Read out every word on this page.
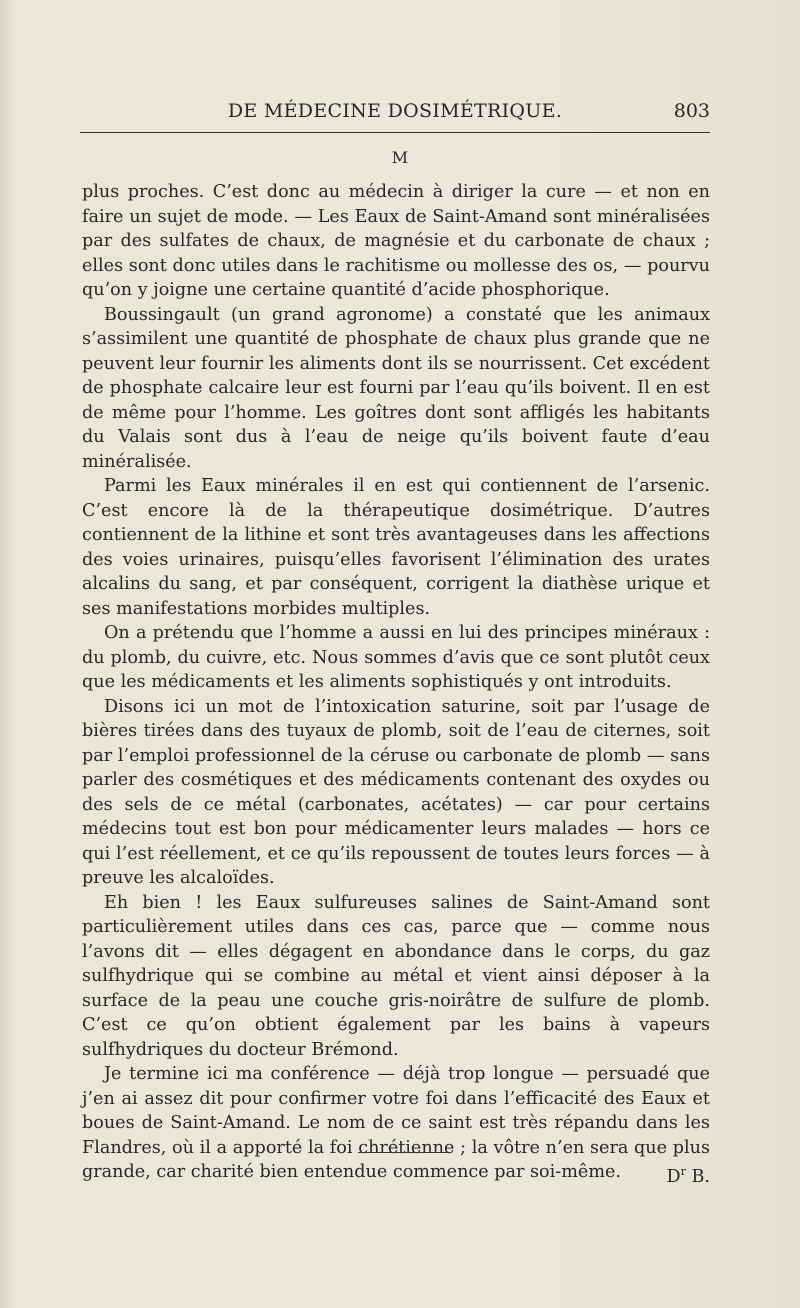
DE MÉDECINE DOSIMÉTRIQUE.	803
M

plus proches. C’est donc au médecin à diriger la cure — et non en faire un sujet de mode. — Les Eaux de Saint-Amand sont minéralisées par des sulfates de chaux, de magnésie et du carbonate de chaux ; elles sont donc utiles dans le rachitisme ou mollesse des os, — pourvu qu’on y joigne une certaine quantité d’acide phosphorique.

Boussingault (un grand agronome) a constaté que les animaux s’assimilent une quantité de phosphate de chaux plus grande que ne peuvent leur fournir les aliments dont ils se nourrissent. Cet excédent de phosphate calcaire leur est fourni par l’eau qu’ils boivent. Il en est de même pour l’homme. Les goîtres dont sont affligés les habitants du Valais sont dus à l’eau de neige qu’ils boivent faute d’eau minéralisée.

Parmi les Eaux minérales il en est qui contiennent de l’arsenic. C’est encore là de la thérapeutique dosimétrique. D’autres contiennent de la lithine et sont très avantageuses dans les affections des voies urinaires, puisqu’elles favorisent l’élimination des urates alcalins du sang, et par conséquent, corrigent la diathèse urique et ses manifestations morbides multiples.

On a prétendu que l’homme a aussi en lui des principes minéraux : du plomb, du cuivre, etc. Nous sommes d’avis que ce sont plutôt ceux que les médicaments et les aliments sophistiqués y ont introduits.

Disons ici un mot de l’intoxication saturine, soit par l’usage de bières tirées dans des tuyaux de plomb, soit de l’eau de citernes, soit par l’emploi professionnel de la céruse ou carbonate de plomb — sans parler des cosmétiques et des médicaments contenant des oxydes ou des sels de ce métal (carbonates, acétates) — car pour certains médecins tout est bon pour médicamenter leurs malades — hors ce qui l’est réellement, et ce qu’ils repoussent de toutes leurs forces — à preuve les alcaloïdes.

Eh bien ! les Eaux sulfureuses salines de Saint-Amand sont particulièrement utiles dans ces cas, parce que — comme nous l’avons dit — elles dégagent en abondance dans le corps, du gaz sulfhydrique qui se combine au métal et vient ainsi déposer à la surface de la peau une couche gris-noirâtre de sulfure de plomb. C’est ce qu’on obtient également par les bains à vapeurs sulfhydriques du docteur Brémond.

Je termine ici ma conférence — déjà trop longue — persuadé que j’en ai assez dit pour confirmer votre foi dans l’efficacité des Eaux et boues de Saint-Amand. Le nom de ce saint est très répandu dans les Flandres, où il a apporté la foi chrétienne ; la vôtre n’en sera que plus grande, car charité bien entendue commence par soi-même.	$D^r$ B.
